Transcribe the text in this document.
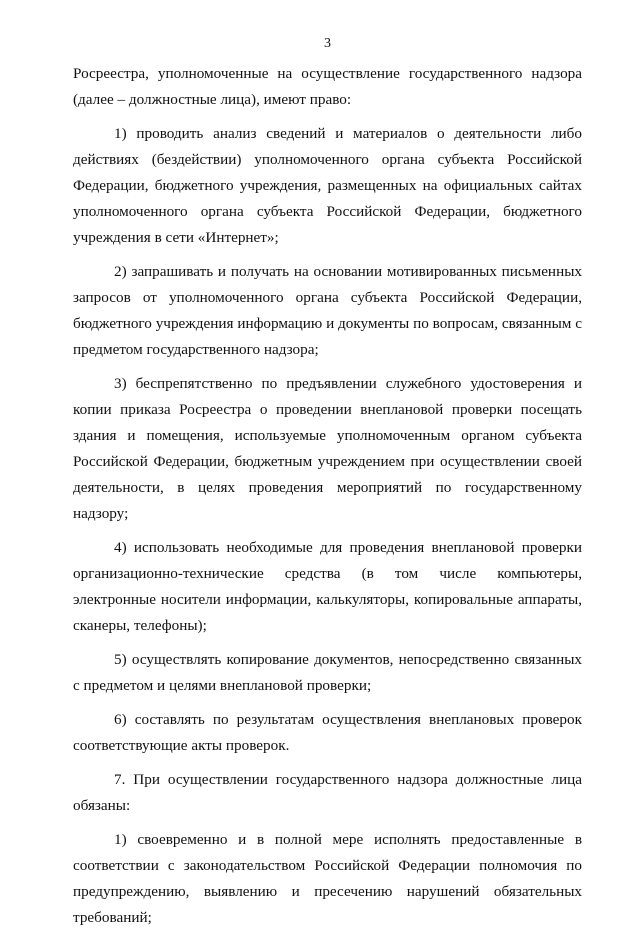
3

Росреестра, уполномоченные на осуществление государственного надзора (далее – должностные лица), имеют право:

1) проводить анализ сведений и материалов о деятельности либо действиях (бездействии) уполномоченного органа субъекта Российской Федерации, бюджетного учреждения, размещенных на официальных сайтах уполномоченного органа субъекта Российской Федерации, бюджетного учреждения в сети «Интернет»;

2) запрашивать и получать на основании мотивированных письменных запросов от уполномоченного органа субъекта Российской Федерации, бюджетного учреждения информацию и документы по вопросам, связанным с предметом государственного надзора;

3) беспрепятственно по предъявлении служебного удостоверения и копии приказа Росреестра о проведении внеплановой проверки посещать здания и помещения, используемые уполномоченным органом субъекта Российской Федерации, бюджетным учреждением при осуществлении своей деятельности, в целях проведения мероприятий по государственному надзору;

4) использовать необходимые для проведения внеплановой проверки организационно-технические средства (в том числе компьютеры, электронные носители информации, калькуляторы, копировальные аппараты, сканеры, телефоны);

5) осуществлять копирование документов, непосредственно связанных с предметом и целями внеплановой проверки;

6) составлять по результатам осуществления внеплановых проверок соответствующие акты проверок.

7. При осуществлении государственного надзора должностные лица обязаны:

1) своевременно и в полной мере исполнять предоставленные в соответствии с законодательством Российской Федерации полномочия по предупреждению, выявлению и пресечению нарушений обязательных требований;
